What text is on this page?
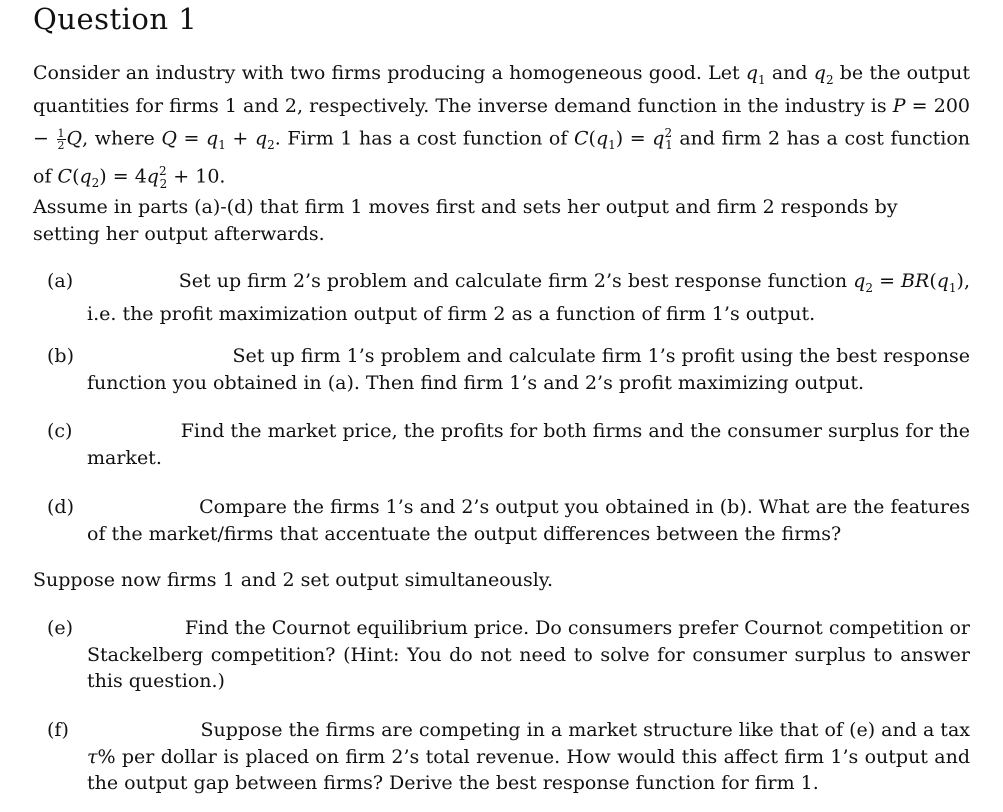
Question 1
Consider an industry with two firms producing a homogeneous good. Let $q_1$ and $q_2$ be the output quantities for firms 1 and 2, respectively. The inverse demand function in the industry is $P = 200 - \frac{1}{2} Q$, where $Q = q_1 + q_2$. Firm 1 has a cost function of $C(q_1) = q^2_1$ and firm 2 has a cost function of $C(q_2) = 4q^2_2 + 10$.
Assume in parts (a)-(d) that firm 1 moves first and sets her output and firm 2 responds by setting her output afterwards.
(a)	Set up firm 2’s problem and calculate firm 2’s best response function $q_2 = BR(q_1)$,
i.e. the profit maximization output of firm 2 as a function of firm 1’s output.
(b)	Set up firm 1’s problem and calculate firm 1’s profit using the best response
function you obtained in (a). Then find firm 1’s and 2’s profit maximizing output.
(c)	Find the market price, the profits for both firms and the consumer surplus for the
market.
(d)	Compare the firms 1’s and 2’s output you obtained in (b). What are the features
of the market/firms that accentuate the output differences between the firms?
Suppose now firms 1 and 2 set output simultaneously.
(e)	Find the Cournot equilibrium price. Do consumers prefer Cournot competition or
Stackelberg competition? (Hint: You do not need to solve for consumer surplus to answer this question.)
(f)	Suppose the firms are competing in a market structure like that of (e) and a tax
τ% per dollar is placed on firm 2’s total revenue. How would this affect firm 1’s output and the output gap between firms? Derive the best response function for firm 1.
